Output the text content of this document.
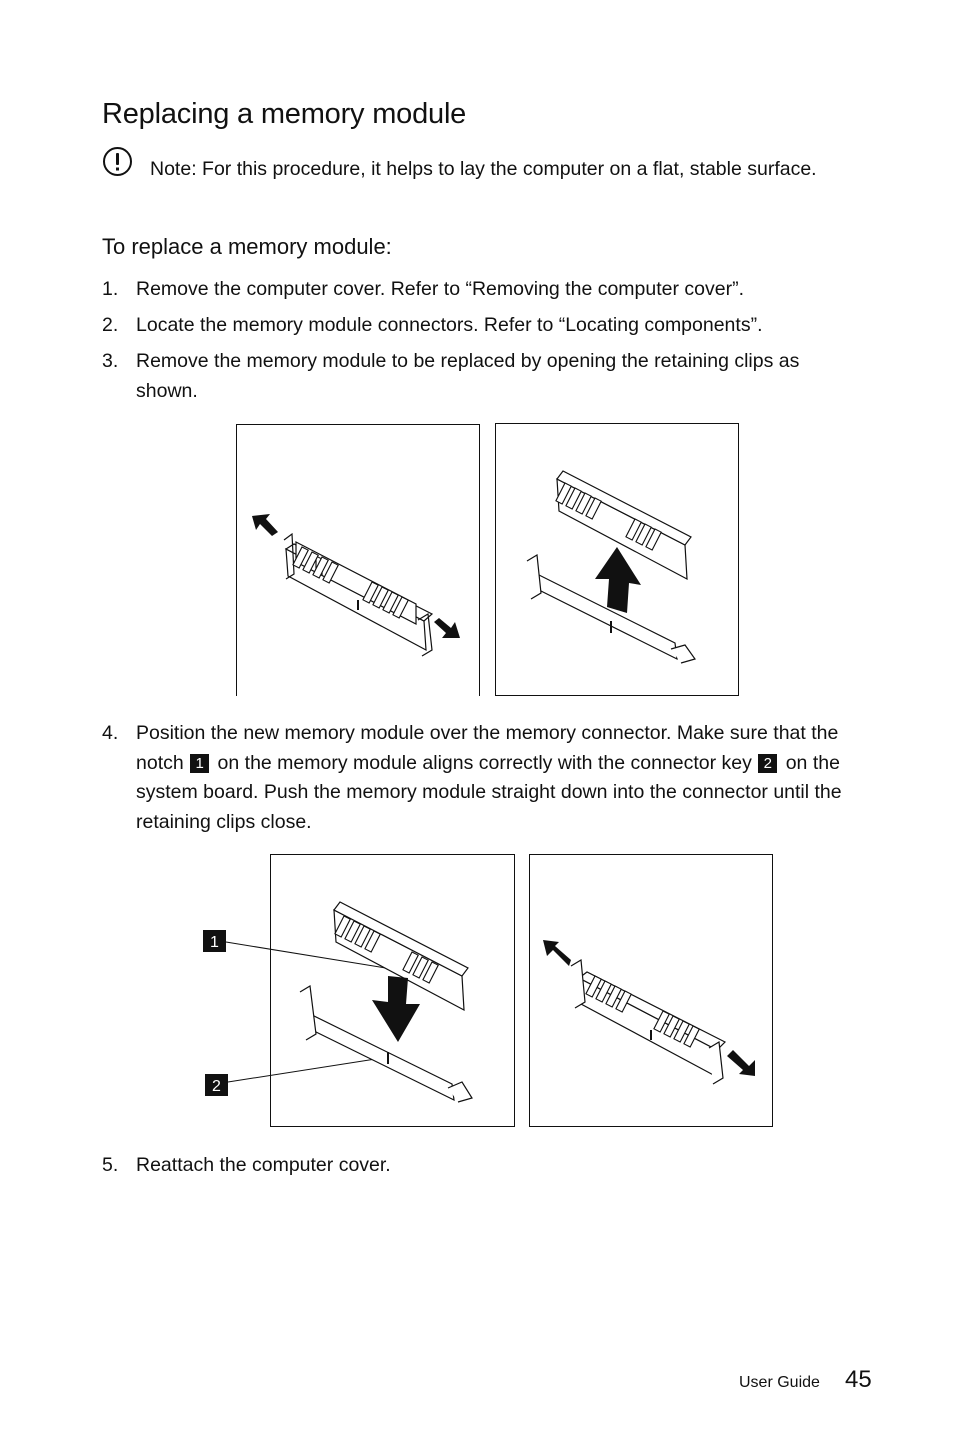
Replacing a memory module

Note: For this procedure, it helps to lay the computer on a flat, stable surface.

To replace a memory module:
1. Remove the computer cover. Refer to “Removing the computer cover”.
2. Locate the memory module connectors. Refer to “Locating components”.
3. Remove the memory module to be replaced by opening the retaining clips as shown.
4. Position the new memory module over the memory connector. Make sure that the notch 1 on the memory module aligns correctly with the connector key 2 on the system board. Push the memory module straight down into the connector until the retaining clips close.
1
2
5. Reattach the computer cover.
User Guide 45
